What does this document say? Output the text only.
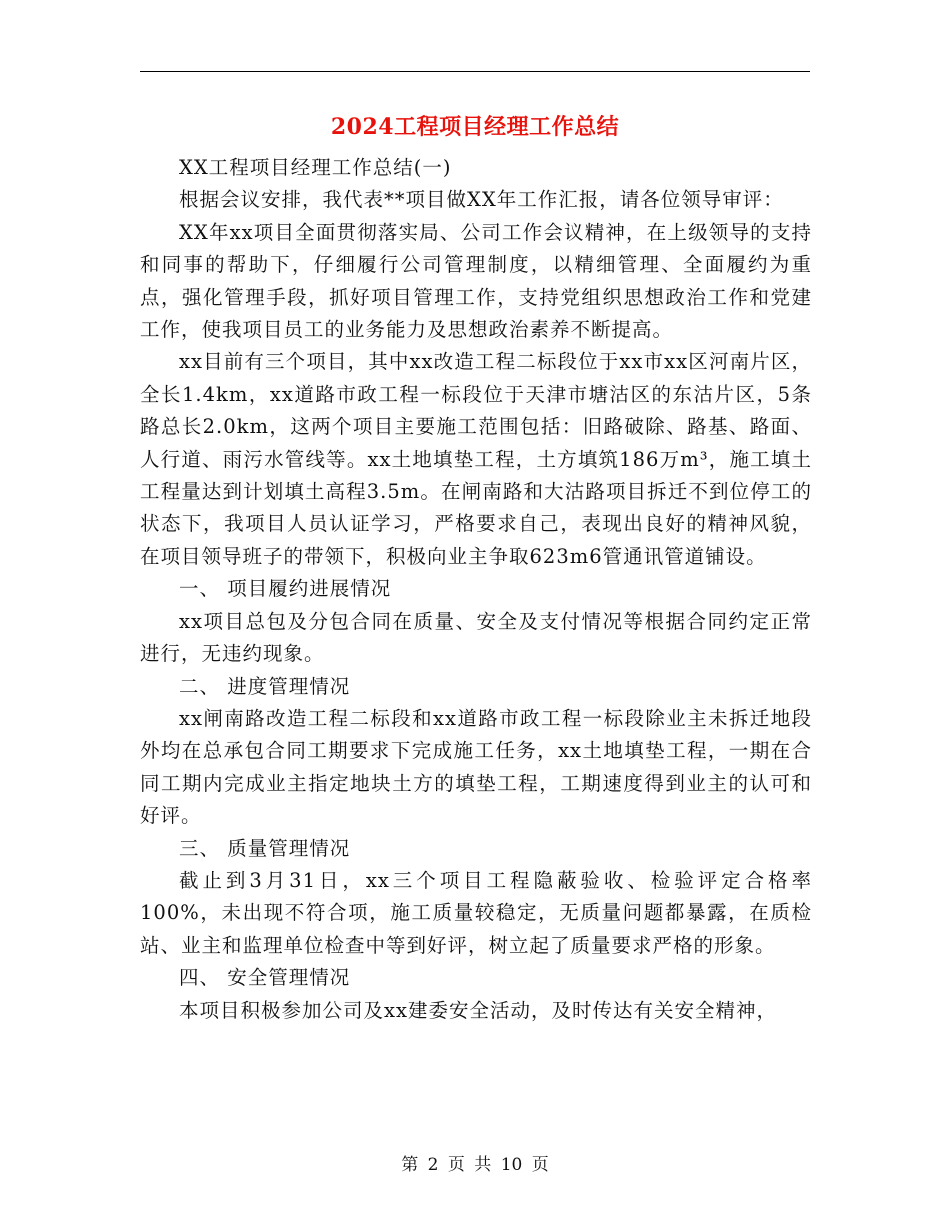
2024工程项目经理工作总结

XX工程项目经理工作总结(一)

根据会议安排，我代表**项目做XX年工作汇报，请各位领导审评：

XX年xx项目全面贯彻落实局、公司工作会议精神，在上级领导的支持和同事的帮助下，仔细履行公司管理制度，以精细管理、全面履约为重点，强化管理手段，抓好项目管理工作，支持党组织思想政治工作和党建工作，使我项目员工的业务能力及思想政治素养不断提高。

xx目前有三个项目，其中xx改造工程二标段位于xx市xx区河南片区，全长1.4km，xx道路市政工程一标段位于天津市塘沽区的东沽片区，5条路总长2.0km，这两个项目主要施工范围包括：旧路破除、路基、路面、人行道、雨污水管线等。xx土地填垫工程，土方填筑186万m³，施工填土工程量达到计划填土高程3.5m。在闸南路和大沽路项目拆迁不到位停工的状态下，我项目人员认证学习，严格要求自己，表现出良好的精神风貌，在项目领导班子的带领下，积极向业主争取623m6管通讯管道铺设。

一、 项目履约进展情况

xx项目总包及分包合同在质量、安全及支付情况等根据合同约定正常进行，无违约现象。

二、 进度管理情况

xx闸南路改造工程二标段和xx道路市政工程一标段除业主未拆迁地段外均在总承包合同工期要求下完成施工任务，xx土地填垫工程，一期在合同工期内完成业主指定地块土方的填垫工程，工期速度得到业主的认可和好评。

三、 质量管理情况

截止到3月31日，xx三个项目工程隐蔽验收、检验评定合格率100%，未出现不符合项，施工质量较稳定，无质量问题都暴露，在质检站、业主和监理单位检查中等到好评，树立起了质量要求严格的形象。

四、 安全管理情况

本项目积极参加公司及xx建委安全活动，及时传达有关安全精神，

第 2 页 共 10 页
